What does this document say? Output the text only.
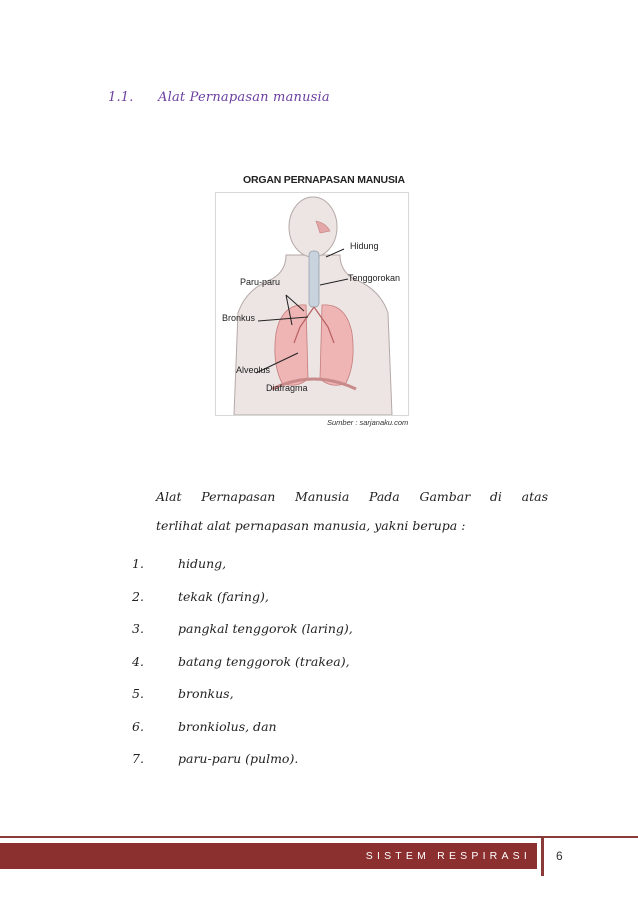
1.1. Alat Pernapasan manusia
ORGAN PERNAPASAN MANUSIA
Hidung
Paru-paru	Tenggorokan
Bronkus
Alveolus
Diafragma
Sumber : sarjanaku.com
Alat Pernapasan Manusia Pada Gambar di atas
terlihat alat pernapasan manusia, yakni berupa :
1.	hidung,
2.	tekak (faring),
3.	pangkal tenggorok (laring),
4.	batang tenggorok (trakea),
5.	bronkus,
6.	bronkiolus, dan
7.	paru-paru (pulmo).
SISTEM RESPIRASI 6
